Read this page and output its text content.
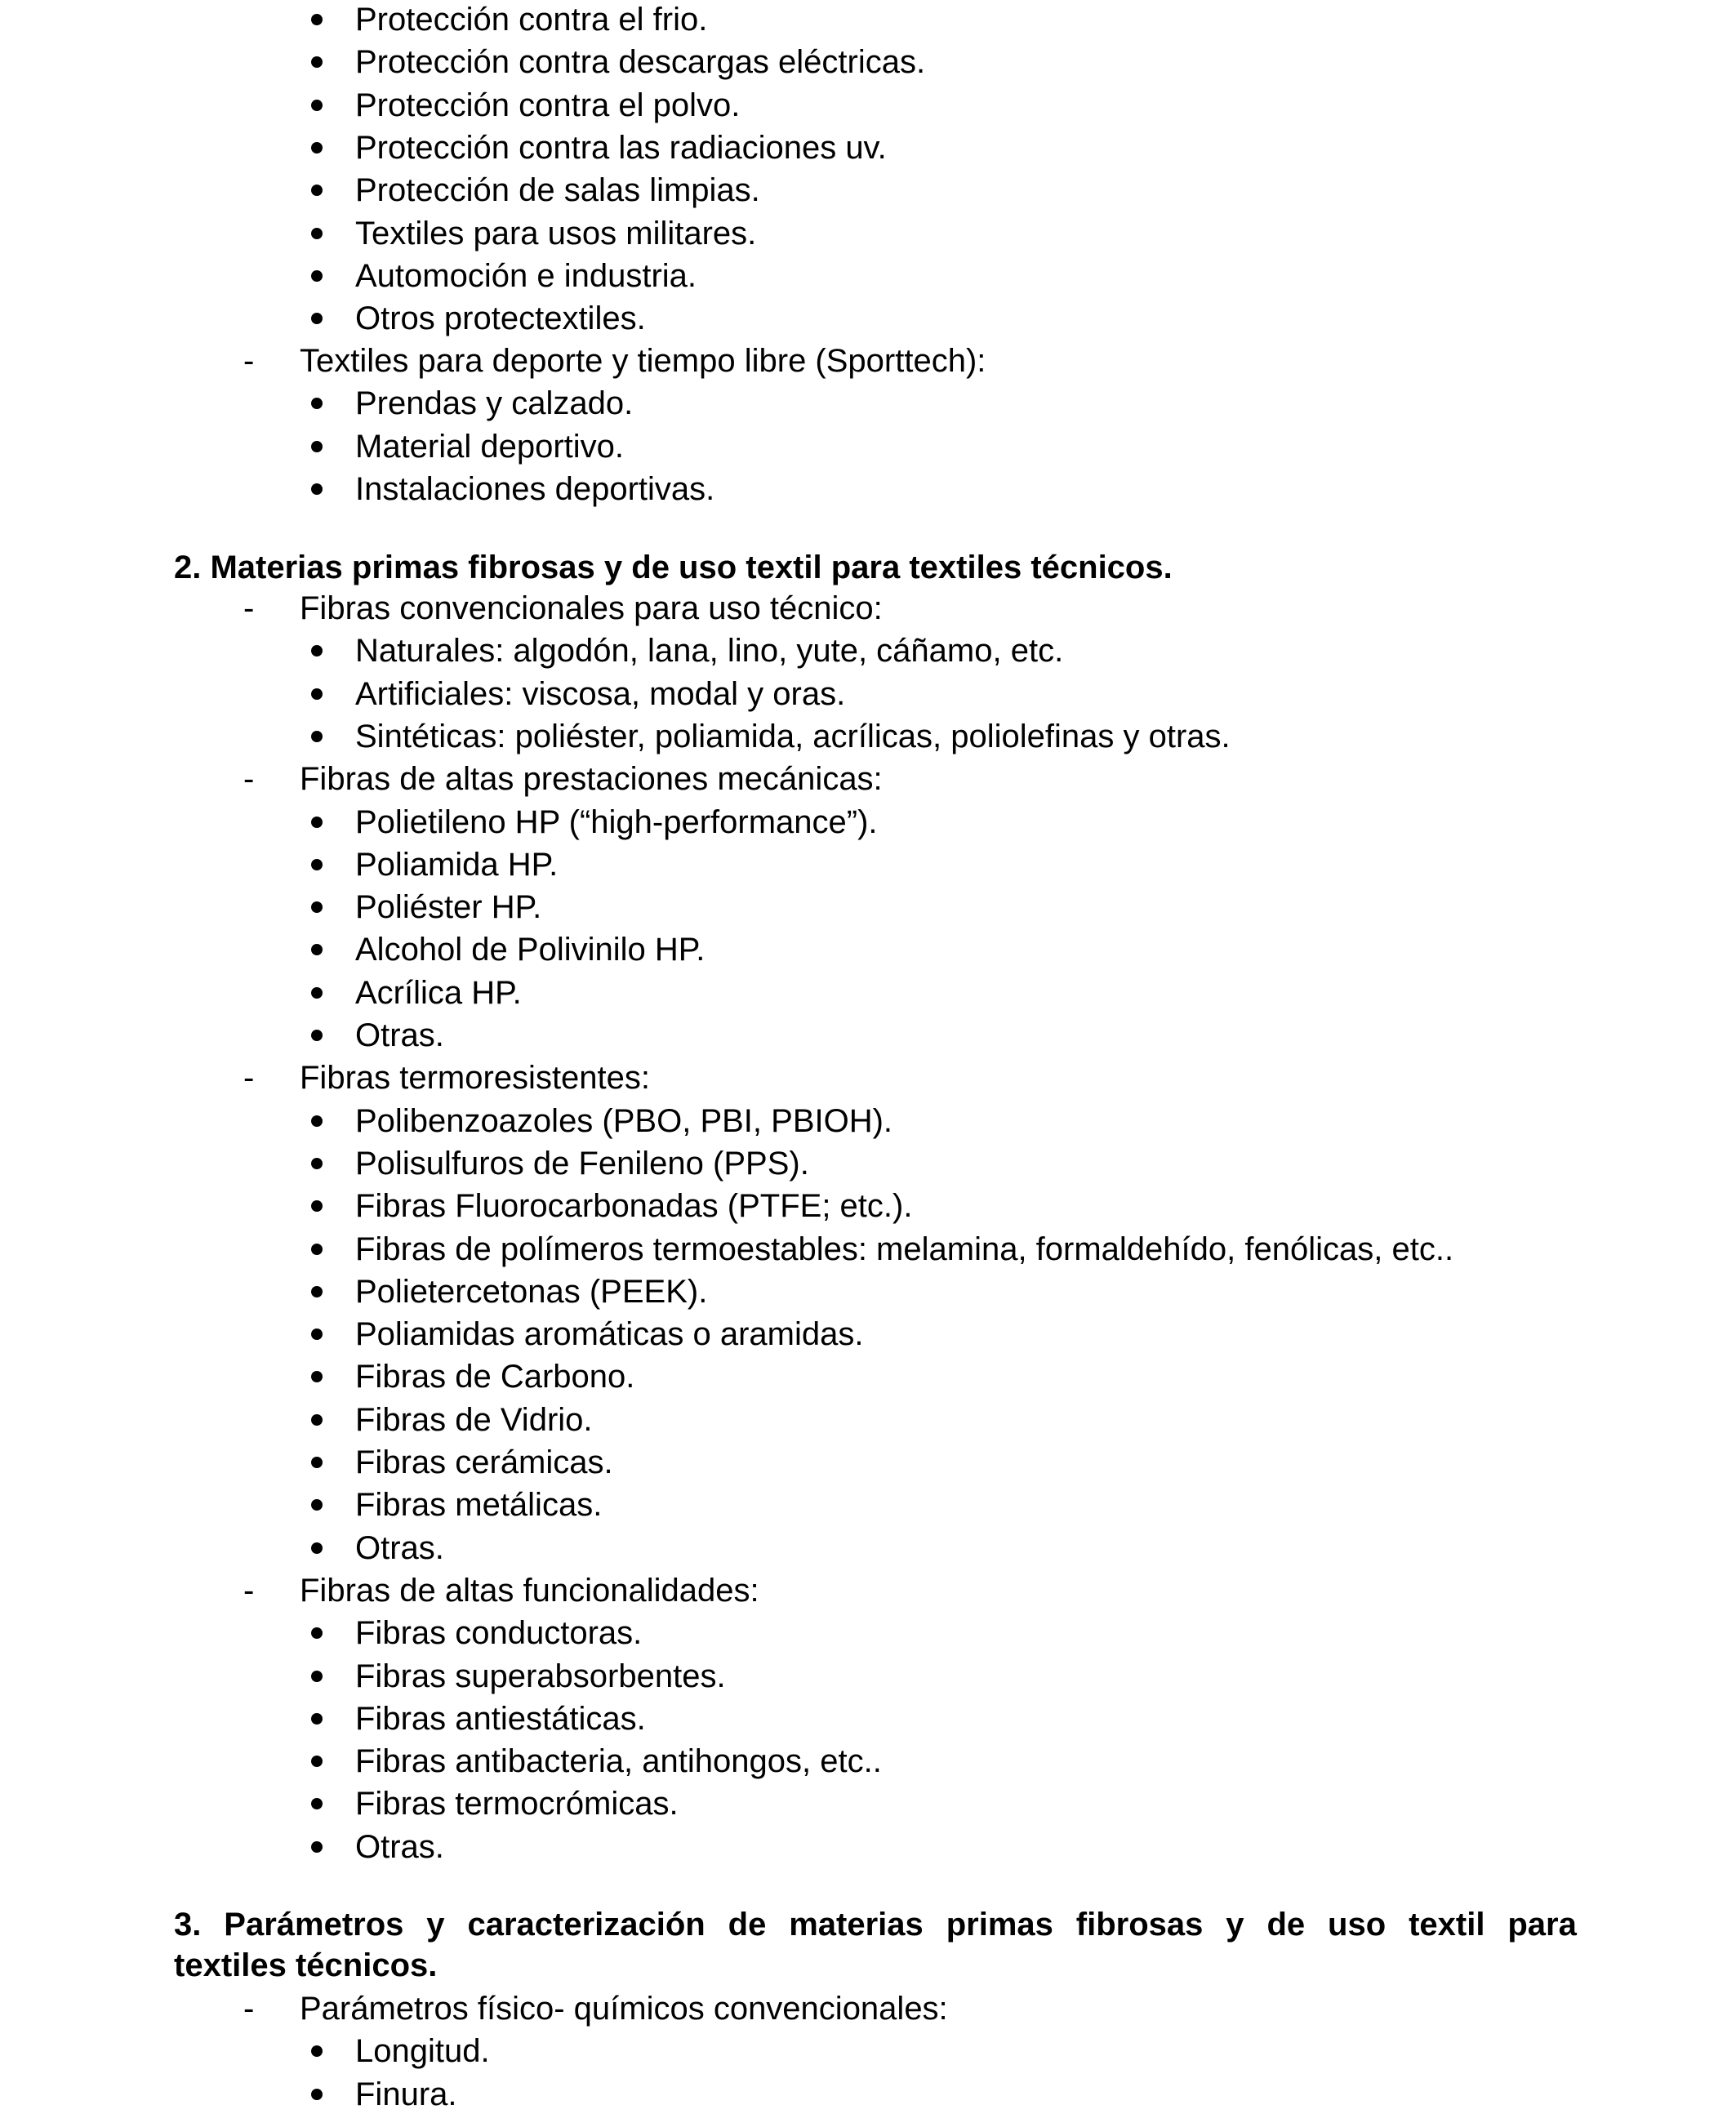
Protección contra el frio.
Protección contra descargas eléctricas.
Protección contra el polvo.
Protección contra las radiaciones uv.
Protección de salas limpias.
Textiles para usos militares.
Automoción e industria.
Otros protectextiles.
- Textiles para deporte y tiempo libre (Sporttech):
Prendas y calzado.
Material deportivo.
Instalaciones deportivas.
2. Materias primas fibrosas y de uso textil para textiles técnicos.
- Fibras convencionales para uso técnico:
Naturales: algodón, lana, lino, yute, cáñamo, etc.
Artificiales: viscosa, modal y oras.
Sintéticas: poliéster, poliamida, acrílicas, poliolefinas y otras.
- Fibras de altas prestaciones mecánicas:
Polietileno HP (“high-performance”).
Poliamida HP.
Poliéster HP.
Alcohol de Polivinilo HP.
Acrílica HP.
Otras.
- Fibras termoresistentes:
Polibenzoazoles (PBO, PBI, PBIOH).
Polisulfuros de Fenileno (PPS).
Fibras Fluorocarbonadas (PTFE; etc.).
Fibras de polímeros termoestables: melamina, formaldehído, fenólicas, etc..
Polietercetonas (PEEK).
Poliamidas aromáticas o aramidas.
Fibras de Carbono.
Fibras de Vidrio.
Fibras cerámicas.
Fibras metálicas.
Otras.
- Fibras de altas funcionalidades:
Fibras conductoras.
Fibras superabsorbentes.
Fibras antiestáticas.
Fibras antibacteria, antihongos, etc..
Fibras termocrómicas.
Otras.
3. Parámetros y caracterización de materias primas fibrosas y de uso textil para
textiles técnicos.
- Parámetros físico- químicos convencionales:
Longitud.
Finura.
